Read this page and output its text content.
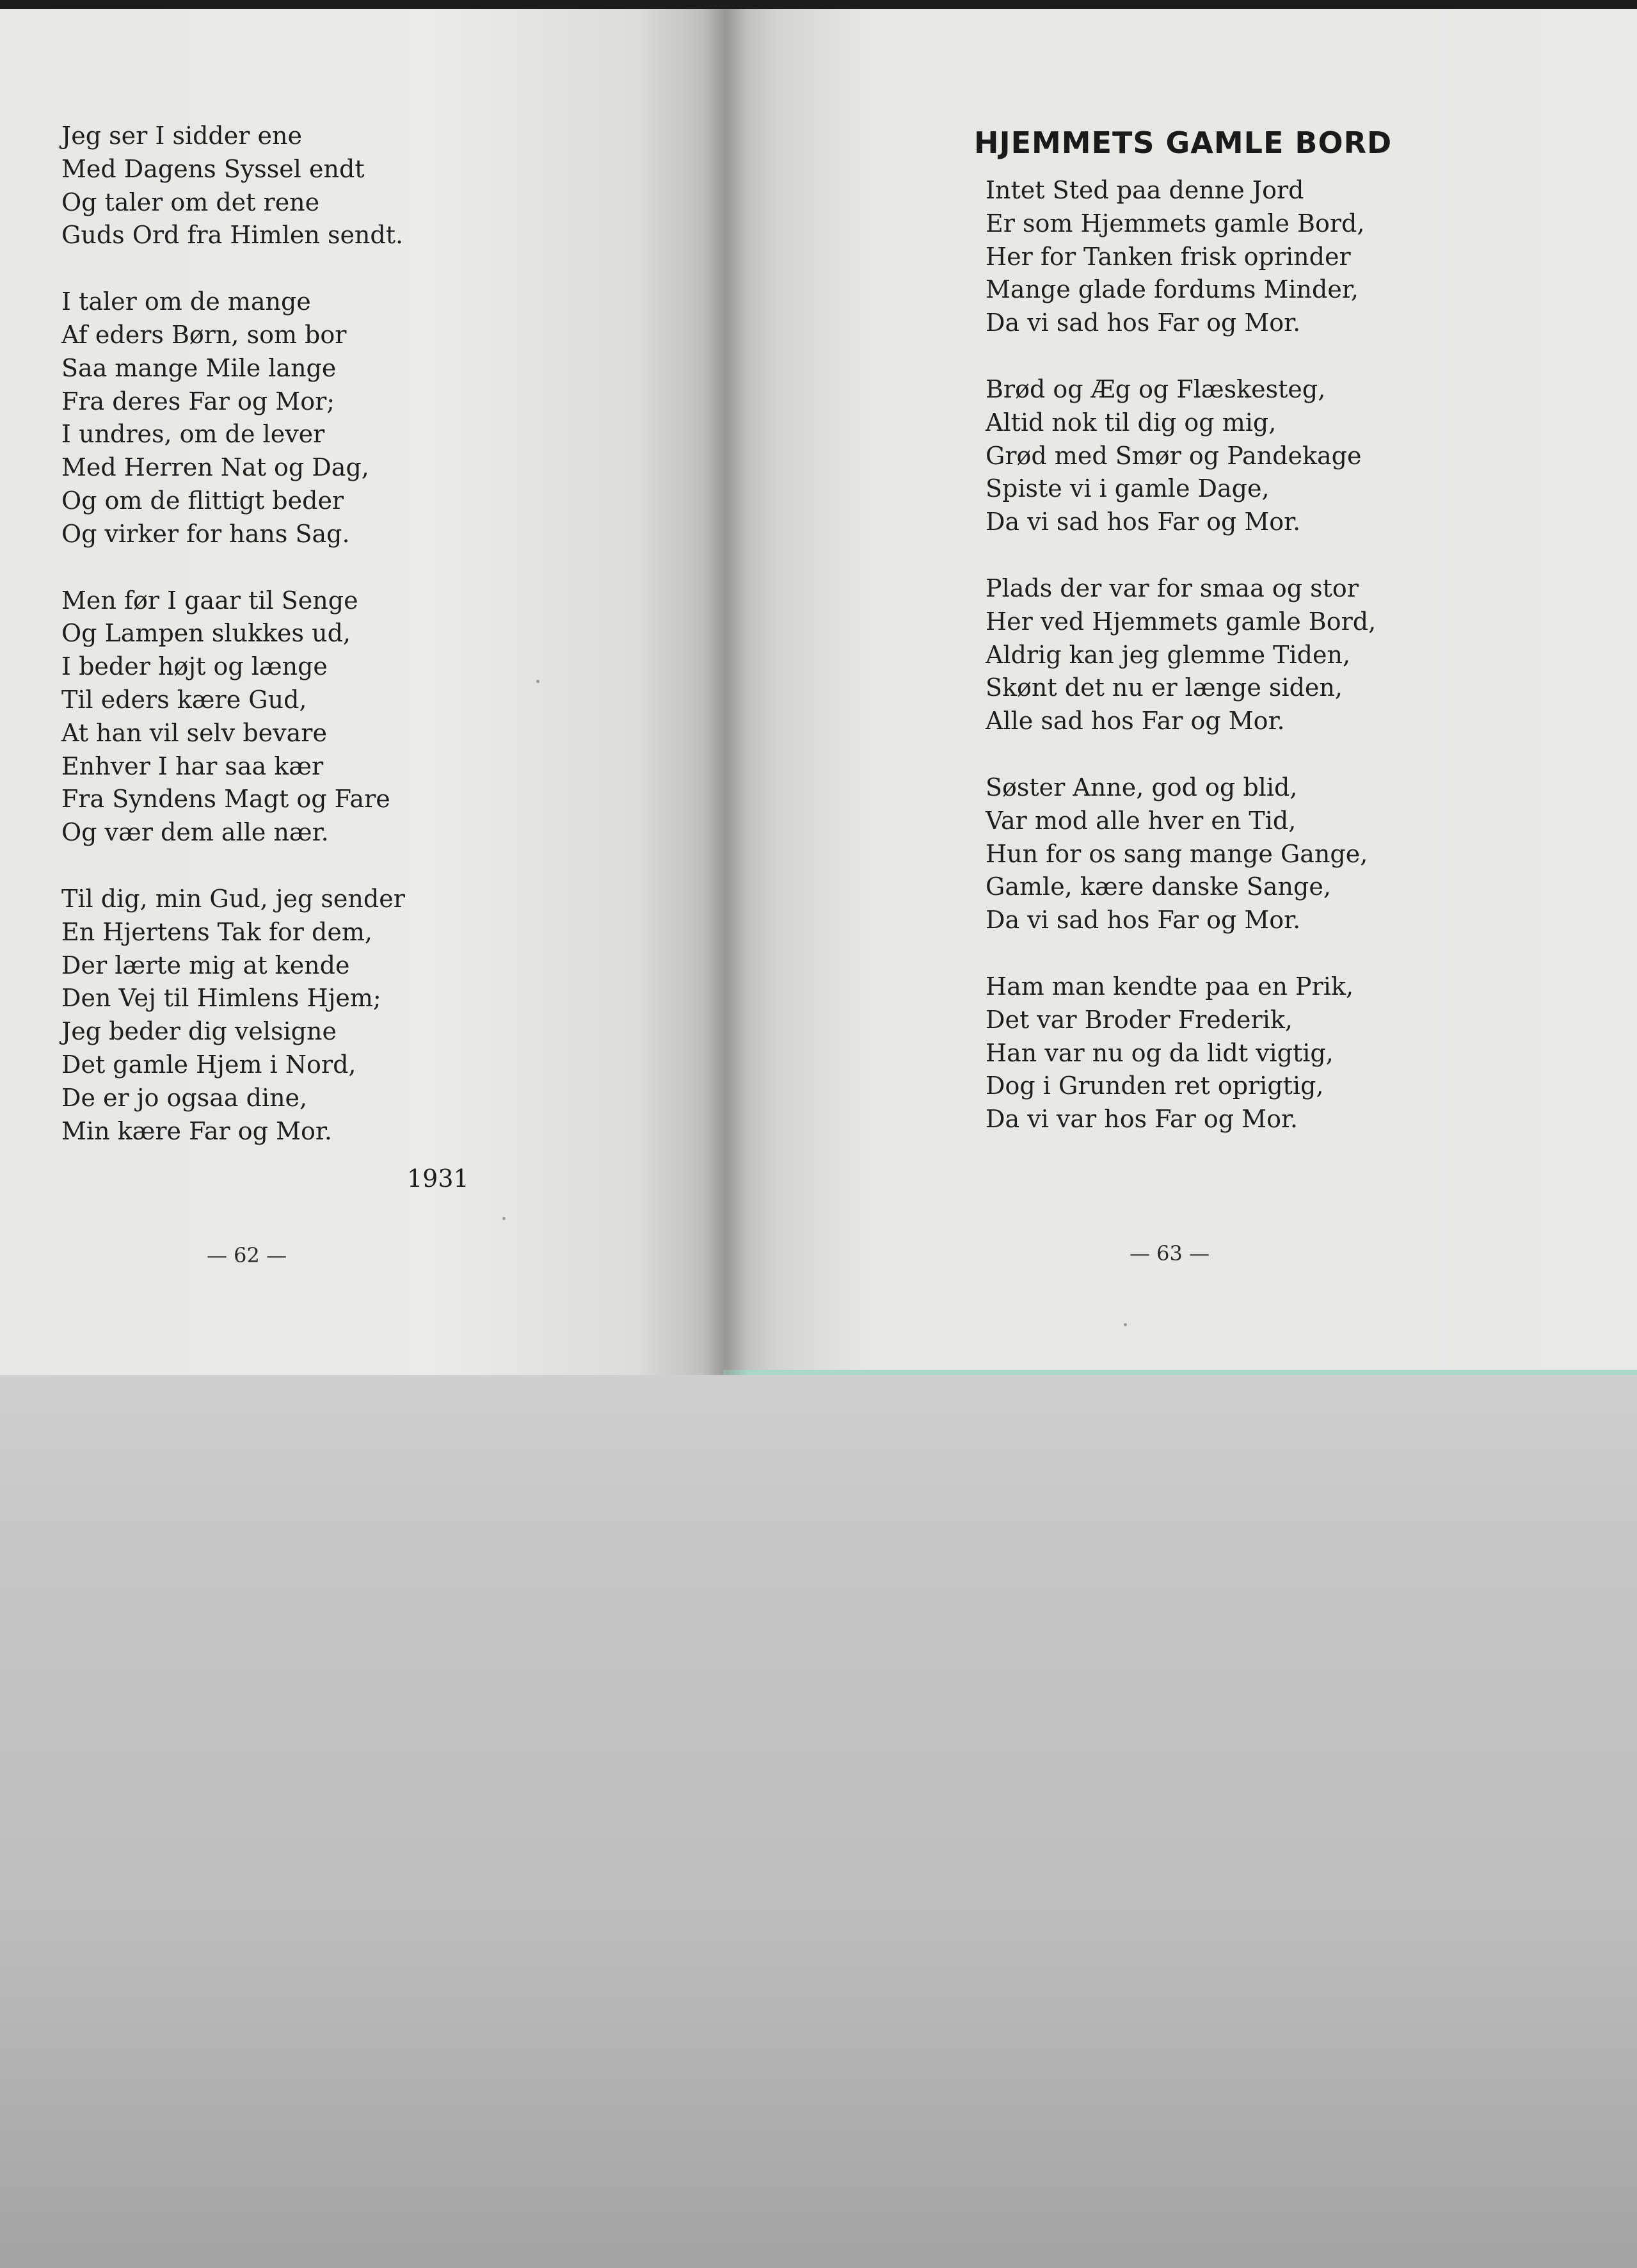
Jeg ser I sidder ene
Med Dagens Syssel endt
Og taler om det rene
Guds Ord fra Himlen sendt.
I taler om de mange
Af eders Børn, som bor
Saa mange Mile lange
Fra deres Far og Mor;
I undres, om de lever
Med Herren Nat og Dag,
Og om de flittigt beder
Og virker for hans Sag.
Men før I gaar til Senge
Og Lampen slukkes ud,
I beder højt og længe
Til eders kære Gud,
At han vil selv bevare
Enhver I har saa kær
Fra Syndens Magt og Fare
Og vær dem alle nær.
Til dig, min Gud, jeg sender
En Hjertens Tak for dem,
Der lærte mig at kende
Den Vej til Himlens Hjem;
Jeg beder dig velsigne
Det gamle Hjem i Nord,
De er jo ogsaa dine,
Min kære Far og Mor.
1931
— 62 —
HJEMMETS GAMLE BORD
Intet Sted paa denne Jord
Er som Hjemmets gamle Bord,
Her for Tanken frisk oprinder
Mange glade fordums Minder,
Da vi sad hos Far og Mor.
Brød og Æg og Flæskesteg,
Altid nok til dig og mig,
Grød med Smør og Pandekage
Spiste vi i gamle Dage,
Da vi sad hos Far og Mor.
Plads der var for smaa og stor
Her ved Hjemmets gamle Bord,
Aldrig kan jeg glemme Tiden,
Skønt det nu er længe siden,
Alle sad hos Far og Mor.
Søster Anne, god og blid,
Var mod alle hver en Tid,
Hun for os sang mange Gange,
Gamle, kære danske Sange,
Da vi sad hos Far og Mor.
Ham man kendte paa en Prik,
Det var Broder Frederik,
Han var nu og da lidt vigtig,
Dog i Grunden ret oprigtig,
Da vi var hos Far og Mor.
— 63 —
